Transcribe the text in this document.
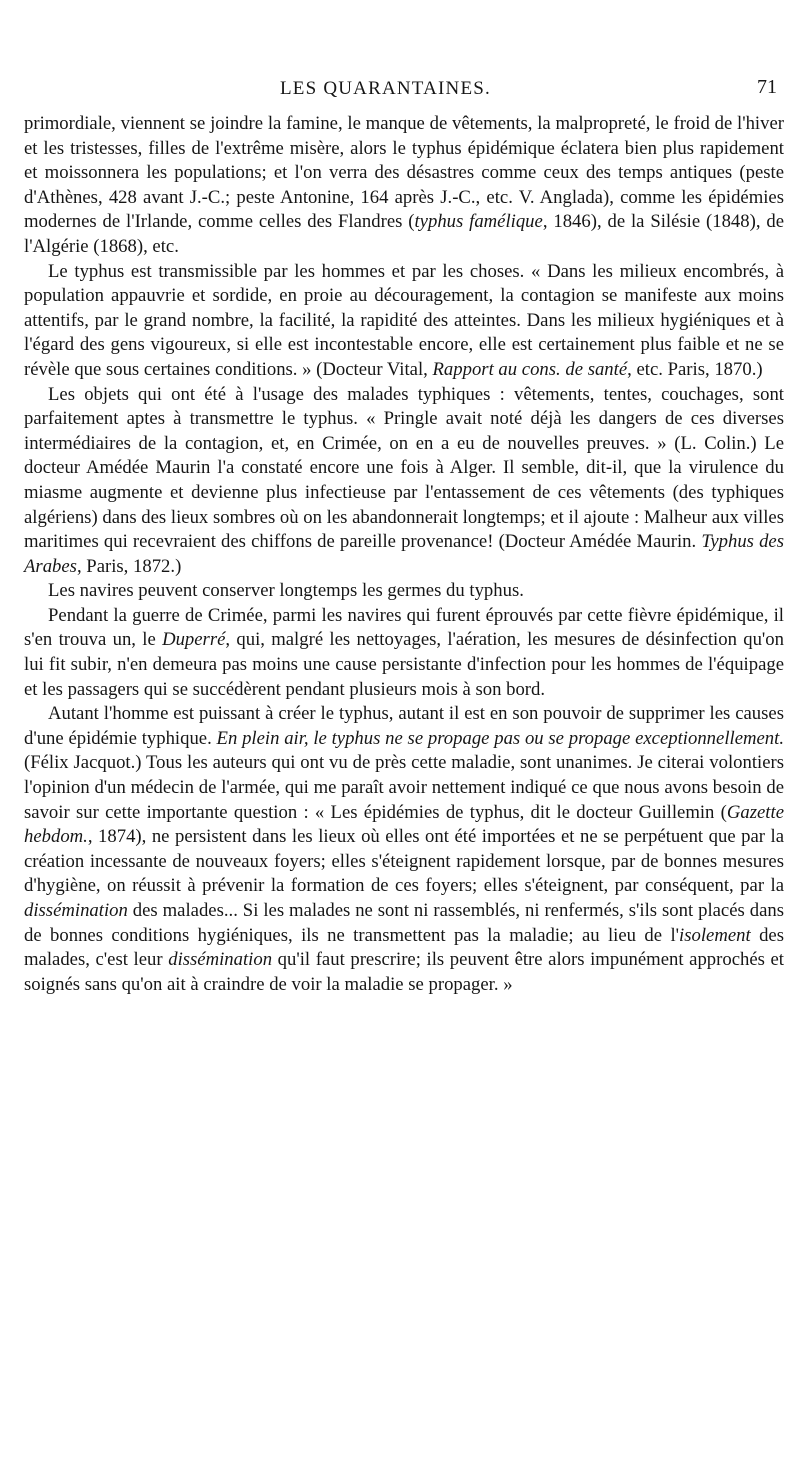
LES QUARANTAINES.	71

primordiale, viennent se joindre la famine, le manque de vêtements, la malpropreté, le froid de l'hiver et les tristesses, filles de l'extrême misère, alors le typhus épidémique éclatera bien plus rapidement et moissonnera les populations; et l'on verra des désastres comme ceux des temps antiques (peste d'Athènes, 428 avant J.-C.; peste Antonine, 164 après J.-C., etc. V. Anglada), comme les épidémies modernes de l'Irlande, comme celles des Flandres (typhus famélique, 1846), de la Silésie (1848), de l'Algérie (1868), etc.

Le typhus est transmissible par les hommes et par les choses. « Dans les milieux encombrés, à population appauvrie et sordide, en proie au découragement, la contagion se manifeste aux moins attentifs, par le grand nombre, la facilité, la rapidité des atteintes. Dans les milieux hygiéniques et à l'égard des gens vigoureux, si elle est incontestable encore, elle est certainement plus faible et ne se révèle que sous certaines conditions. » (Docteur Vital, Rapport au cons. de santé, etc. Paris, 1870.)

Les objets qui ont été à l'usage des malades typhiques : vêtements, tentes, couchages, sont parfaitement aptes à transmettre le typhus. « Pringle avait noté déjà les dangers de ces diverses intermédiaires de la contagion, et, en Crimée, on en a eu de nouvelles preuves. » (L. Colin.) Le docteur Amédée Maurin l'a constaté encore une fois à Alger. Il semble, dit-il, que la virulence du miasme augmente et devienne plus infectieuse par l'entassement de ces vêtements (des typhiques algériens) dans des lieux sombres où on les abandonnerait longtemps; et il ajoute : Malheur aux villes maritimes qui recevraient des chiffons de pareille provenance! (Docteur Amédée Maurin. Typhus des Arabes, Paris, 1872.)

Les navires peuvent conserver longtemps les germes du typhus.

Pendant la guerre de Crimée, parmi les navires qui furent éprouvés par cette fièvre épidémique, il s'en trouva un, le Duperré, qui, malgré les nettoyages, l'aération, les mesures de désinfection qu'on lui fit subir, n'en demeura pas moins une cause persistante d'infection pour les hommes de l'équipage et les passagers qui se succédèrent pendant plusieurs mois à son bord.

Autant l'homme est puissant à créer le typhus, autant il est en son pouvoir de supprimer les causes d'une épidémie typhique. En plein air, le typhus ne se propage pas ou se propage exceptionnellement. (Félix Jacquot.) Tous les auteurs qui ont vu de près cette maladie, sont unanimes. Je citerai volontiers l'opinion d'un médecin de l'armée, qui me paraît avoir nettement indiqué ce que nous avons besoin de savoir sur cette importante question : « Les épidémies de typhus, dit le docteur Guillemin (Gazette hebdom., 1874), ne persistent dans les lieux où elles ont été importées et ne se perpétuent que par la création incessante de nouveaux foyers; elles s'éteignent rapidement lorsque, par de bonnes mesures d'hygiène, on réussit à prévenir la formation de ces foyers; elles s'éteignent, par conséquent, par la dissémination des malades... Si les malades ne sont ni rassemblés, ni renfermés, s'ils sont placés dans de bonnes conditions hygiéniques, ils ne transmettent pas la maladie; au lieu de l'isolement des malades, c'est leur dissémination qu'il faut prescrire; ils peuvent être alors impunément approchés et soignés sans qu'on ait à craindre de voir la maladie se propager. »
